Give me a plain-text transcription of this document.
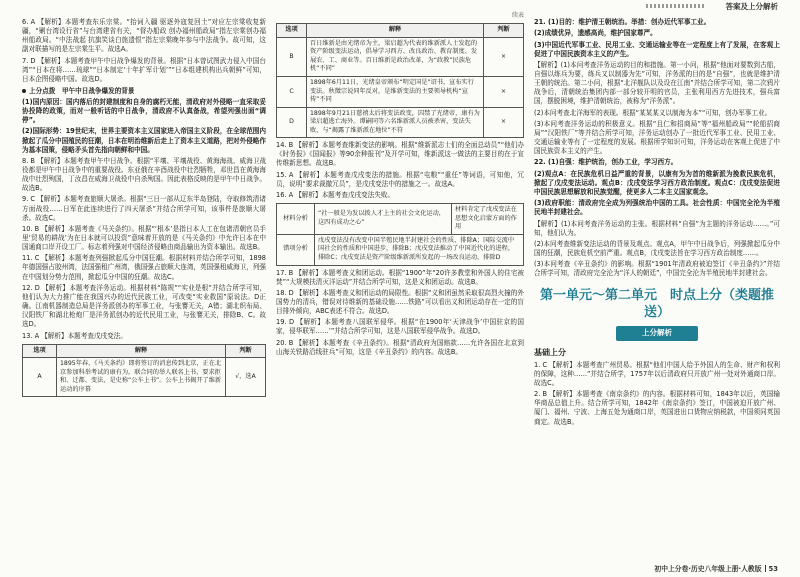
答案及上分解析

6. A 【解析】本题考查东乐宗棠。“抬词入疆 驱逐外寇复回土”对应左宗棠收复新疆，“剿台湾设行省”与台湾建省有关，“督办船政 创办福州船政局”指左宗棠创办福州船政局。“中法战起 抗旗笑谈白旄遗恨”指左宗棠晚年参与中法战争。故可知，这副对联描写的是左宗棠生平。故选A。

7. D 【解析】本题考查甲午中日战争爆发的背景。根据“日本曾试图武力侵入中国台湾”“日本在将……琉球”“日本制定‘十年扩军计划’”“日本组建机构出兵朝鲜”可知，日本企图侵略中国。故选D。

上分点拨　甲午中日战争爆发的背景

(1)国内原因：国内落后的封建制度和自身的腐朽无能，清政府对外侵略一直采取妥协投降的政策，而对一般听话的中日战争，清政府不认真备战，希望列强出面“调停”。

(2)国际形势：19世纪末，世界主要资本主义国家进入帝国主义阶段，在全球范围内掀起了瓜分中国殖民的狂潮，日本在明治维新后走上了资本主义道路，把对外侵略作为基本国策，侵略矛头首先指向朝鲜和中国。

8. B 【解析】本题考查甲午中日战争。根据“平壤、平壤战役、黄海海战、威海卫战役都是甲午中日战争中的重要战役。东亚俄在辛酉战役中壮烈牺牲，邓世昌在黄海海战中壮烈殉国，丁汝昌在威海卫战役中自杀殉国。因此表格反映的是甲午中日战争。故选B。

9. C 【解析】本题考查旅顺大屠杀。根据“三日一部从辽东半岛登陆，夺取修筑清诸方面战役……日军在此连续进行了四天屠杀”并结合所学可知，该事件是旅顺大屠杀。故选C。

10. B 【解析】本题考查《马关条约》。根据“‘根本’是指日本人工在包诸清朝官员手里‘贸易的耕战’为在日本就可以投资”意味着开放的是《马关条约》中允许日本在中国通商口岸开设工厂。标志着列强对中国经济侵略由商品输出为资本输出。故选B。

11. C 【解析】本题考查列强掀起瓜分中国狂潮。根据材料并结合所学可知，1898年德国强占胶州湾，法国强租广州湾，俄国强占旅顺大连湾，英国强租威海卫，列强在中国划分势力范围，掀起瓜分中国的狂潮。故选C。

12. D 【解析】本题考查洋务运动。根据材料“陈规”“实业是根”并结合所学可知，他们认为大力推广能在我国兴办的近代民族工业，可改变“实业救国”原说法。D正确。江南机器制造总局是洋务派创办的军事工业，与张謇无关，A错；湖北织布局、汉阳铁厂和湖北枪炮厂是洋务派创办的近代民用工业，与张謇无关，排除B、C。故选D。

13. A 【解析】本题考查戊戌变法。

选项	解释	判断
A	1895年春，《马关条约》即将签订的消息传到北京，正在北京参加科举考试的康有为，联合同的举人联名上书，要求拒和、迁都、变法，是史称“公车上书”。公车上书揭开了维新运动的序幕	√，选A
续表
选项	解释	判断
B	百日维新是由光绪帝为主，梁启超为代表的维新派人士发起的资产阶级变法运动，倡导学习西方、改良政治、教育制度、发展农、工、商业等。百日维新是政治改革，为“政教”民族危机“不同”	×
C	1898年6月11日，光绪皇帝颁布“明定国是”诏书，宣布实行变法。秋徵宗说同年反对，是维新变法的主要领导机构“宣传”不同	×
D	1898年9月21日慈禧太后将变法政变，囚禁了光绪帝，康有为梁启超逃亡海外。谭嗣同等六名维新派人员被杀害，变法失败，与“揭露了维新派在地位”不符	×

14. B 【解析】本题考查维新变法的影响。根据“维新派志士们的全面总动员”“他们办《时务报》《国闻报》等90余种报刊”及开学可知，维新派这一做法的主要目的在于宣传维新思想。故选B。

15. A 【解析】本题考查戊戌变法的措施。根据“屯粮”“重任”等词语，可知他，冗员，说明“要求裁撤冗员”，是戊戌变法中的措施之一。故选A。

16. A 【解析】本题考查戊戌变法失败。

材料分析	“社一般是为发以拨人才上主的社会文化运动，这四有成功之心”	材料肯定了戊戌变法在思想文化启蒙方面的作用
错项分析	戊戌变法没有改变中国半殖民地半封建社会的性质，排除A；国际交流中国社会的性质和中国进步，排除B；戊戌变法推动了中国近代化的进程，排除C；戊戌变法是资产阶级维新派所发起的一场改良运动，排除D	

17. B 【解析】本题考查义和团运动。根据“1900”年“20许多教堂和外国人的住宅被焚”“大规模扶清灭洋运动”并结合所学可知，这是义和团运动。故选B。

18. D 【解析】本题考查义和团运动的局限性。根据“义和团虽然采取很高烈火撞的外国势力的清兵，错误对待维新的基础设施……铁路”可以看出义和团运动存在一定的盲目排外倾向，ABC表述不符合。故选D。

19. D 【解析】本题考查八国联军侵华。根据“在1900年‘天津战争’中国驻京的国家，侵华联军……’”并结合所学可知，这是八国联军侵华战争。故选D。

20. B 【解析】本题考查《辛丑条约》。根据“清政府为国赔款……允许各国在北京到山海关铁路沿线驻兵”可知，这是《辛丑条约》的内容。故选B。

21. (1)目的：维护清王朝统治。举措：创办近代军事工业。

(2)成绩优异，遗感高尚，维护国家尊严。

(3)中国近代军事工业、民用工业、交通运输业等在一定程度上有了发展，在客观上促进了中国民族资本主义的产生。

【解析】(1)本问考查洋务运动的目的和措施。第一小问，根据“他面对要数到古船，自强以练兵为要，练兵又以制器为先”可知，洋务派的目的是“自强”，也就是维护清王朝的统治。第二小问，根据“北洋舰队以及设在江南”并结合所学可知，第二次鸦片战争后，清朝统治集团内部一部分较开明的官员，主张利用西方先进技术，强兵富国，摆脱困境，维护清朝统治，被称为“洋务派”。

(2)本问考查北洋海军的表现。根据“某某某义以制海为本”“可知，创办军事工业。

(3)本问考查洋务运动的积极意义。根据“且仁和招商局”等“福州船政局”“轮船招商局”“汉阳铁厂”等并结合所学可知，洋务运动创办了一批近代军事工业、民用工业、交通运输业等有了一定程度的发展。根据所学知识可知，洋务运动在客观上促进了中国民族资本主义的产生。

22. (1)自强：维护统治，创办工业，学习西方。

(2)观点A：在民族危机日益严重的背景，以康有为为首的维新派为挽救民族危机，掀起了戊戌变法运动。观点B：戊戌变法学习西方政治制度。观点C：戊戌变法促进中国民族思想解放和民族觉醒，使更多人二本主义国家观念。

(3)政府职能：清政府完全成为列强统治中国的工具。社会性质：中国完全沦为半殖民地半封建社会。

【解析】(1)本问考查洋务运动的主张。根据材料“自强”为主题的洋务运动……。”可知，他们认为。

(2)本问考查维新变法运动的背景及观点。观点A，甲午中日战争后，列强掀起瓜分中国的狂潮，民族危机空前严重。观点B，戊戌变法旨在学习西方政治制度……。

(3)本问考查《辛丑条约》的影响。根据“1901年清政府被迫签订《辛丑条约》”并结合所学可知，清政府完全沦为“洋人的朝廷”，中国完全沦为半殖民地半封建社会。

第一单元～第二单元　时点上分（类题推送）
上分解析
基础上分

1. C 【解析】本题考查广州贸易。根据“他们中国人给予外国人的生命、财产和权利的保障，这种……”并结合所学，1757年以后清政府只开放广州一处对外通商口岸。故选C。

2. B 【解析】本题考查《南京条约》的内容。根据材料可知，1843年以后，英国输华商品总值上升。结合所学可知，1842年《南京条约》签订，中国被迫开放广州、厦门、福州、宁波、上海五处为通商口岸，英国进出口货物应纳税款，中国须同英国商定。故选B。

初中上分卷·历史八年级上册·人教版 53
